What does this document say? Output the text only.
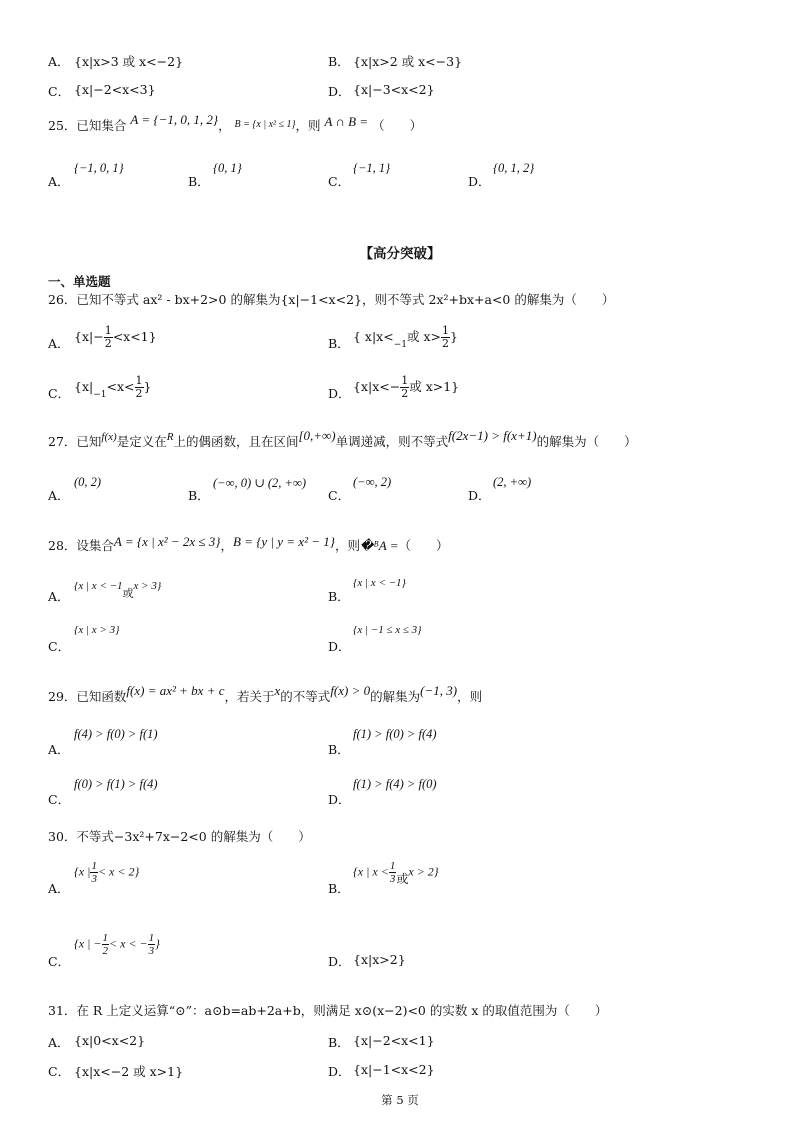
A． {x|x>3 或 x<−2}	B． {x|x>2 或 x<−3}
C． {x|−2<x<3}	D． {x|−3<x<2}
25．已知集合 A = {−1, 0, 1, 2}， $^{B = \{x | x^2 \le 1\}}$，则 A ∩ B = （　　）
A．
{−1, 0, 1}
B．
{0, 1}
C．
{−1, 1}
D．
{0, 1, 2}
【高分突破】
一、单选题
26．已知不等式 ax² - bx+2>0 的解集为{x|−1<x<2}，则不等式 2x²+bx+a<0 的解集为（　　）
A． $\{x|- \frac{1}{2} <x<1\}$	B． { $x|x<_{-1}$或 $x> \frac{1}{2}$ }
C． {$x|_{-1}<x< \frac{1}{2}$ }	D． {$x|x<- \frac{1}{2}$ 或 x>1}
27．已知f(x)是定义在R上的偶函数，且在区间[0,+∞)单调递减，则不等式f(2x−1) > f(x+1)的解集为（　　）
A．
(0, 2)
B．
(−∞, 0) ∪ (2, +∞)
C．
(−∞, 2)
D．
(2, +∞)
28．设集合A = {x | x² − 2x ≤ 3}，B = {y | y = x² − 1}，则�ᴮA =（　　）
A．
{x | x < −1或x > 3}
B．
{x | x < −1}
C．
{x | x > 3}
D．
{x | −1 ≤ x ≤ 3}
29．已知函数f(x) = ax² + bx + c，若关于x的不等式f(x) > 0的解集为(−1, 3)，则
A．
f(4) > f(0) > f(1)
B．
f(1) > f(0) > f(4)
C．
f(0) > f(1) > f(4)
D．
f(1) > f(4) > f(0)
30．不等式−3x²+7x−2<0 的解集为（　　）
A．
{x | $\frac{1}{3} < x < 2$}
B．
{x | $x < \frac{1}{3}$ 或x > 2}
C．
{x | − $\frac{1}{2} < x$ < − $\frac{1}{3}$ }
D． {x|x>2}
31．在 R 上定义运算“⊙”：a⊙b=ab+2a+b，则满足 x⊙(x−2)<0 的实数 x 的取值范围为（　　）
A． {x|0<x<2}	B． {x|−2<x<1}
C． {x|x<−2 或 x>1}	D． {x|−1<x<2}
第 5 页
